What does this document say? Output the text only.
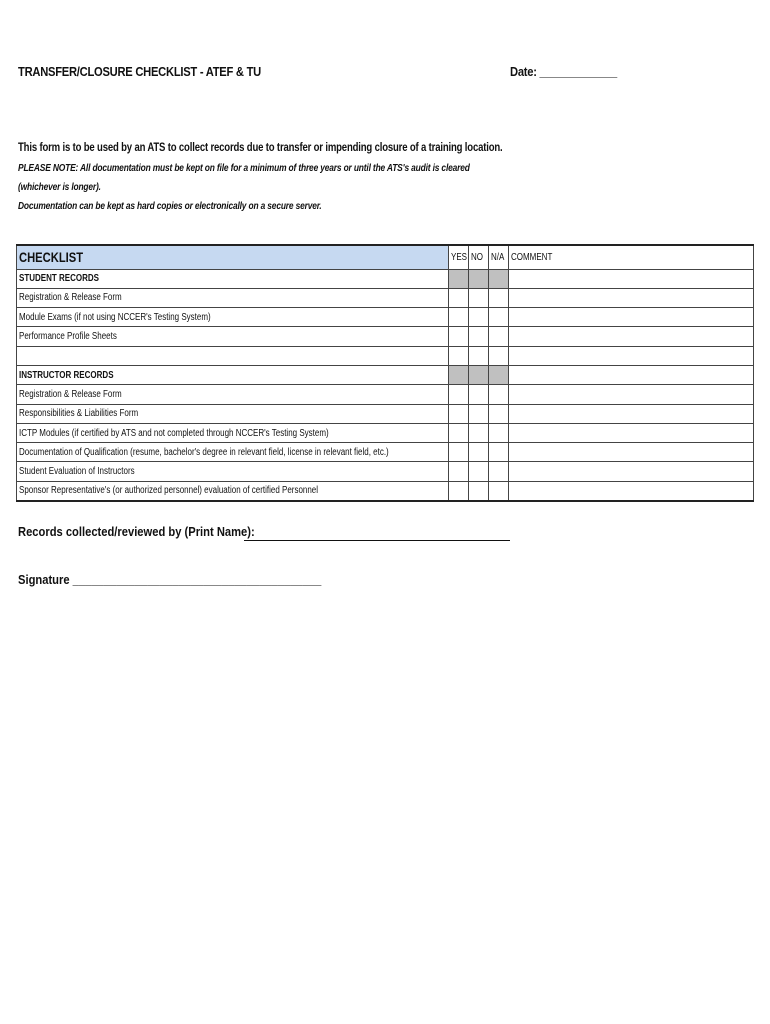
TRANSFER/CLOSURE CHECKLIST - ATEF & TU	Date: _____________
This form is to be used by an ATS to collect records due to transfer or impending closure of a training location.
PLEASE NOTE: All documentation must be kept on file for a minimum of three years or until the ATS's audit is cleared
(whichever is longer).
Documentation can be kept as hard copies or electronically on a secure server.
CHECKLIST	YES	NO	N/A	COMMENT
STUDENT RECORDS				
Registration & Release Form				
Module Exams (if not using NCCER's Testing System)				
Performance Profile Sheets				

INSTRUCTOR RECORDS				
Registration & Release Form				
Responsibilities & Liabilities Form				
ICTP Modules (if certified by ATS and not completed through NCCER's Testing System)				
Documentation of Qualification (resume, bachelor's degree in relevant field, license in relevant field, etc.)				
Student Evaluation of Instructors				
Sponsor Representative's (or authorized personnel) evaluation of certified Personnel				
Records collected/reviewed by (Print Name):
Signature ________________________________________
